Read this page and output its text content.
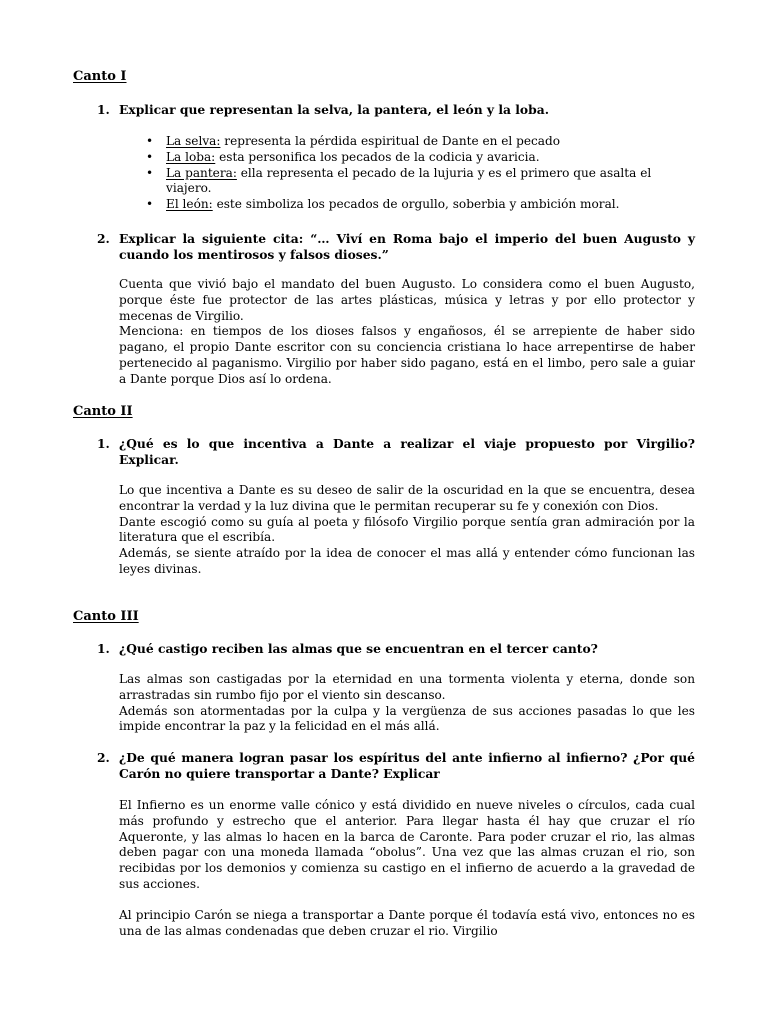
Canto I
1. Explicar que representan la selva, la pantera, el león y la loba.
• La selva: representa la pérdida espiritual de Dante en el pecado
• La loba: esta personifica los pecados de la codicia y avaricia.
• La pantera: ella representa el pecado de la lujuria y es el primero que asalta el viajero.
• El león: este simboliza los pecados de orgullo, soberbia y ambición moral.
2. Explicar la siguiente cita: “… Viví en Roma bajo el imperio del buen Augusto y cuando los mentirosos y falsos dioses.”

Cuenta que vivió bajo el mandato del buen Augusto. Lo considera como el buen Augusto, porque éste fue protector de las artes plásticas, música y letras y por ello protector y mecenas de Virgilio.

Menciona: en tiempos de los dioses falsos y engañosos, él se arrepiente de haber sido pagano, el propio Dante escritor con su conciencia cristiana lo hace arrepentirse de haber pertenecido al paganismo. Virgilio por haber sido pagano, está en el limbo, pero sale a guiar a Dante porque Dios así lo ordena.

Canto II
1. ¿Qué es lo que incentiva a Dante a realizar el viaje propuesto por Virgilio? Explicar.

Lo que incentiva a Dante es su deseo de salir de la oscuridad en la que se encuentra, desea encontrar la verdad y la luz divina que le permitan recuperar su fe y conexión con Dios.

Dante escogió como su guía al poeta y filósofo Virgilio porque sentía gran admiración por la literatura que el escribía.

Además, se siente atraído por la idea de conocer el mas allá y entender cómo funcionan las leyes divinas.

Canto III
1. ¿Qué castigo reciben las almas que se encuentran en el tercer canto?

Las almas son castigadas por la eternidad en una tormenta violenta y eterna, donde son arrastradas sin rumbo fijo por el viento sin descanso.

Además son atormentadas por la culpa y la vergüenza de sus acciones pasadas lo que les impide encontrar la paz y la felicidad en el más allá.

2. ¿De qué manera logran pasar los espíritus del ante infierno al infierno? ¿Por qué Carón no quiere transportar a Dante? Explicar

El Infierno es un enorme valle cónico y está dividido en nueve niveles o círculos, cada cual más profundo y estrecho que el anterior. Para llegar hasta él hay que cruzar el río Aqueronte, y las almas lo hacen en la barca de Caronte. Para poder cruzar el rio, las almas deben pagar con una moneda llamada “obolus”. Una vez que las almas cruzan el rio, son recibidas por los demonios y comienza su castigo en el infierno de acuerdo a la gravedad de sus acciones.

Al principio Carón se niega a transportar a Dante porque él todavía está vivo, entonces no es una de las almas condenadas que deben cruzar el rio. Virgilio
